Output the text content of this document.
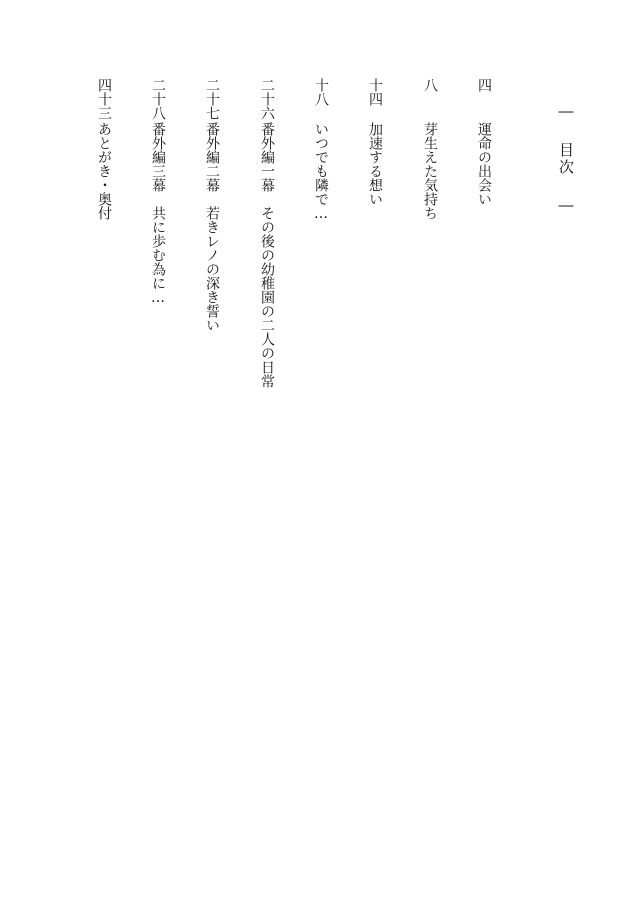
― 目次 ―
四運命の出会い
八芽生えた気持ち
十四加速する想い
十八いつでも隣で…
二十六番外編一幕　その後の幼稚園の二人の日常
二十七番外編二幕　若きレノの深き誓い
二十八番外編三幕　共に歩む為に…
四十三あとがき・奥付
